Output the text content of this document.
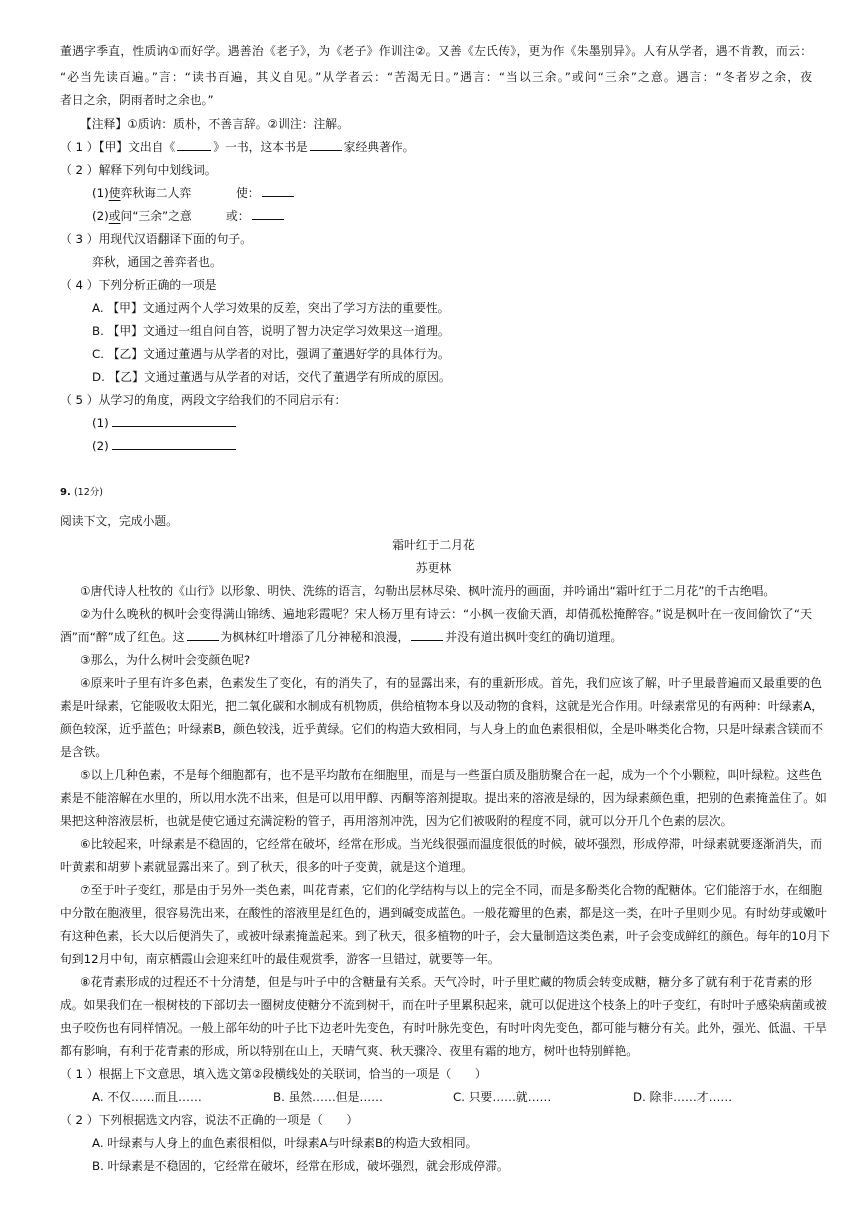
董遇字季直，性质讷①而好学。遇善治《老子》，为《老子》作训注②。又善《左氏传》，更为作《朱墨别异》。人有从学者，遇不肯教，而云：
“必当先读百遍。”言：“读书百遍，其义自见。”从学者云：“苦渴无日。”遇言：“当以三余。”或问“三余”之意。遇言：“冬者岁之余，夜
者日之余，阴雨者时之余也。”
【注释】①质讷：质朴，不善言辞。②训注：注解。
（ 1 ）【甲】文出自《	》一书，这本书是	家经典著作。
（ 2 ）解释下列句中划线词。
(1)使弈秋诲二人弈	使：
(2)或问“三余”之意	或：
（ 3 ）用现代汉语翻译下面的句子。
弈秋，通国之善弈者也。
（ 4 ）下列分析正确的一项是
A. 【甲】文通过两个人学习效果的反差，突出了学习方法的重要性。
B. 【甲】文通过一组自问自答，说明了智力决定学习效果这一道理。
C. 【乙】文通过董遇与从学者的对比，强调了董遇好学的具体行为。
D. 【乙】文通过董遇与从学者的对话，交代了董遇学有所成的原因。
（ 5 ）从学习的角度，两段文字给我们的不同启示有：
(1)
(2)
9. (12分)
阅读下文，完成小题。
霜叶红于二月花
苏更林
①唐代诗人杜牧的《山行》以形象、明快、洗练的语言，勾勒出层林尽染、枫叶流丹的画面，并吟诵出“霜叶红于二月花”的千古绝唱。
②为什么晚秋的枫叶会变得满山锦绣、遍地彩霞呢？宋人杨万里有诗云：“小枫一夜偷天酒，却倩孤松掩醉容。”说是枫叶在一夜间偷饮了“天
酒”而“醉”成了红色。这	为枫林红叶增添了几分神秘和浪漫，	并没有道出枫叶变红的确切道理。
③那么，为什么树叶会变颜色呢?
④原来叶子里有许多色素，色素发生了变化，有的消失了，有的显露出来，有的重新形成。首先，我们应该了解，叶子里最普遍而又最重要的色
素是叶绿素，它能吸收太阳光，把二氧化碳和水制成有机物质，供给植物本身以及动物的食料，这就是光合作用。叶绿素常见的有两种：叶绿素A，
颜色较深，近乎蓝色；叶绿素B，颜色较浅，近乎黄绿。它们的构造大致相同，与人身上的血色素很相似，全是卟啉类化合物，只是叶绿素含镁而不
是含铁。
⑤以上几种色素，不是每个细胞都有，也不是平均散布在细胞里，而是与一些蛋白质及脂肪聚合在一起，成为一个个小颗粒，叫叶绿粒。这些色
素是不能溶解在水里的，所以用水洗不出来，但是可以用甲醇、丙酮等溶剂提取。提出来的溶液是绿的，因为绿素颜色重，把别的色素掩盖住了。如
果把这种溶液层析，也就是使它通过充满淀粉的管子，再用溶剂冲洗，因为它们被吸附的程度不同，就可以分开几个色素的层次。
⑥比较起来，叶绿素是不稳固的，它经常在破坏，经常在形成。当光线很强而温度很低的时候，破坏强烈，形成停滞，叶绿素就要逐渐消失，而
叶黄素和胡萝卜素就显露出来了。到了秋天，很多的叶子变黄，就是这个道理。
⑦至于叶子变红，那是由于另外一类色素，叫花青素，它们的化学结构与以上的完全不同，而是多酚类化合物的配糖体。它们能溶于水，在细胞
中分散在胞液里，很容易洗出来，在酸性的溶液里是红色的，遇到碱变成蓝色。一般花瓣里的色素，都是这一类，在叶子里则少见。有时幼芽或嫩叶
有这种色素，长大以后便消失了，或被叶绿素掩盖起来。到了秋天，很多植物的叶子，会大量制造这类色素，叶子会变成鲜红的颜色。每年的10月下
旬到12月中旬，南京栖霞山会迎来红叶的最佳观赏季，游客一旦错过，就要等一年。
⑧花青素形成的过程还不十分清楚，但是与叶子中的含糖量有关系。天气冷时，叶子里贮藏的物质会转变成糖，糖分多了就有利于花青素的形
成。如果我们在一根树枝的下部切去一圈树皮使糖分不流到树干，而在叶子里累积起来，就可以促进这个枝条上的叶子变红，有时叶子感染病菌或被
虫子咬伤也有同样情况。一般上部年幼的叶子比下边老叶先变色，有时叶脉先变色，有时叶肉先变色，都可能与糖分有关。此外，强光、低温、干旱
都有影响，有利于花青素的形成，所以特别在山上，天晴气爽、秋天骤冷、夜里有霜的地方，树叶也特别鲜艳。
（ 1 ）根据上下文意思，填入选文第②段横线处的关联词，恰当的一项是（　　）
A. 不仅……而且……	B. 虽然……但是……	C. 只要……就……	D. 除非……才……
（ 2 ）下列根据选文内容，说法不正确的一项是（　　）
A. 叶绿素与人身上的血色素很相似，叶绿素A与叶绿素B的构造大致相同。
B. 叶绿素是不稳固的，它经常在破坏，经常在形成，破坏强烈，就会形成停滞。
